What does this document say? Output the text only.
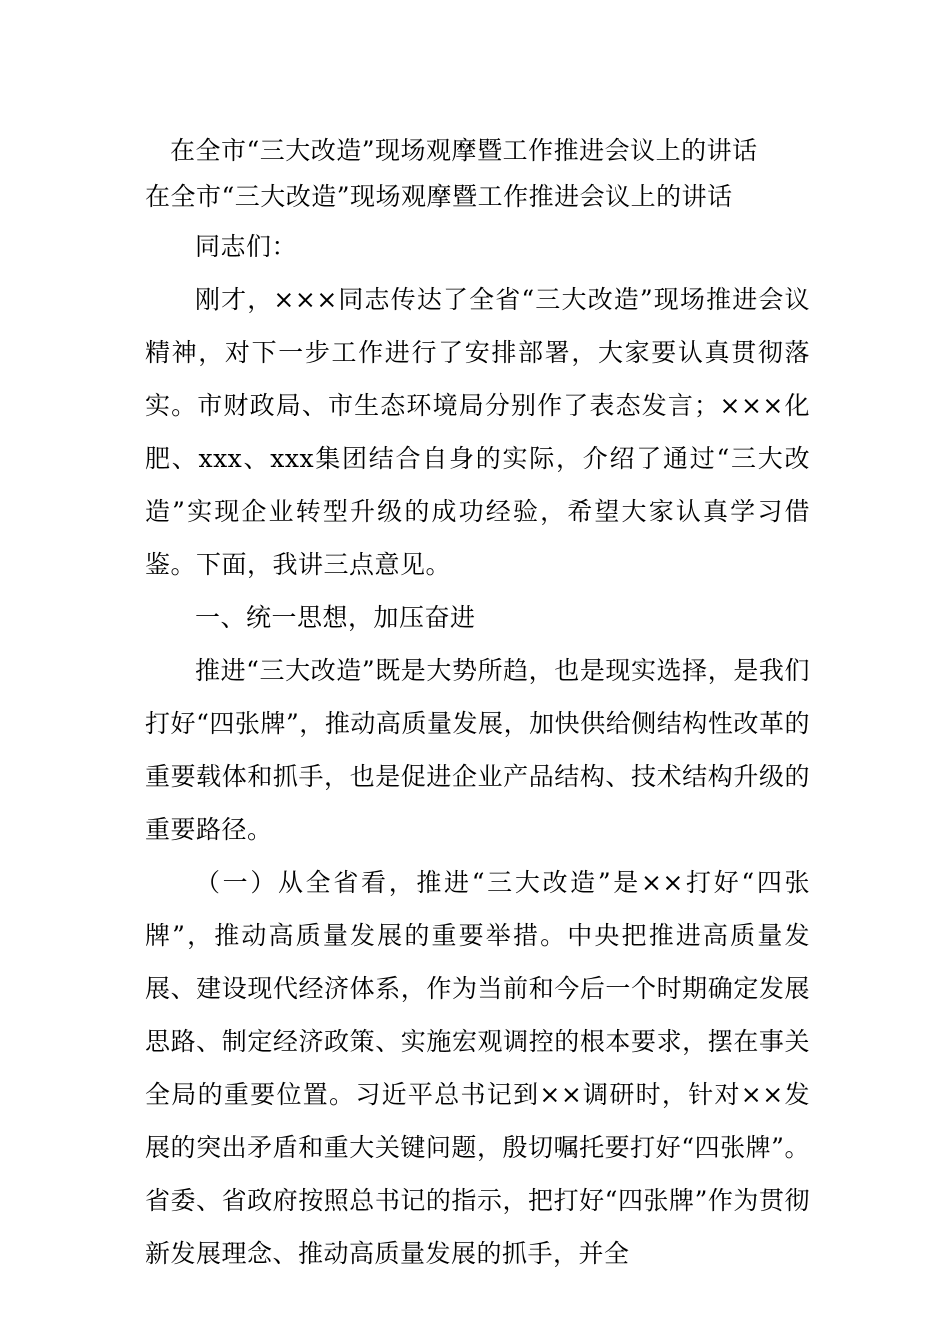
在全市“三大改造”现场观摩暨工作推进会议上的讲话
在全市“三大改造”现场观摩暨工作推进会议上的讲话

同志们：

刚才，×××同志传达了全省“三大改造”现场推进会议精神，对下一步工作进行了安排部署，大家要认真贯彻落实。市财政局、市生态环境局分别作了表态发言；×××化肥、xxx、xxx集团结合自身的实际，介绍了通过“三大改造”实现企业转型升级的成功经验，希望大家认真学习借鉴。下面，我讲三点意见。

一、统一思想，加压奋进

推进“三大改造”既是大势所趋，也是现实选择，是我们打好“四张牌”，推动高质量发展，加快供给侧结构性改革的重要载体和抓手，也是促进企业产品结构、技术结构升级的重要路径。

（一）从全省看，推进“三大改造”是××打好“四张牌”，推动高质量发展的重要举措。中央把推进高质量发展、建设现代经济体系，作为当前和今后一个时期确定发展思路、制定经济政策、实施宏观调控的根本要求，摆在事关全局的重要位置。习近平总书记到××调研时，针对××发展的突出矛盾和重大关键问题，殷切嘱托要打好“四张牌”。省委、省政府按照总书记的指示，把打好“四张牌”作为贯彻新发展理念、推动高质量发展的抓手，并全
